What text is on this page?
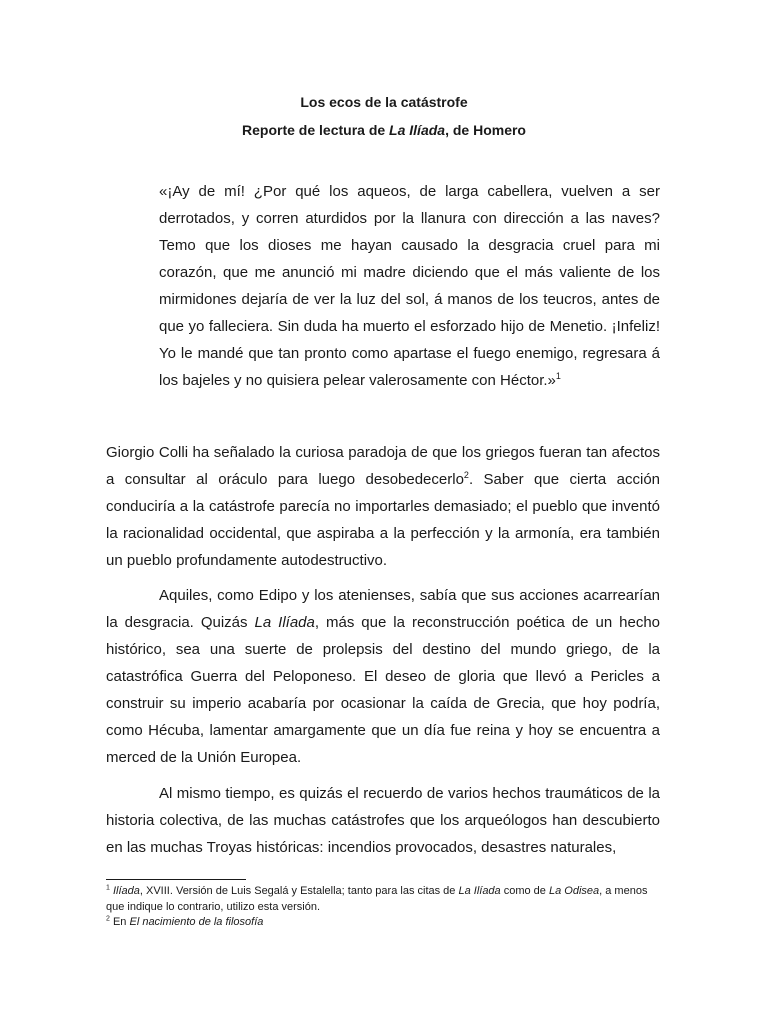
Los ecos de la catástrofe
Reporte de lectura de La Ilíada, de Homero
«¡Ay de mí! ¿Por qué los aqueos, de larga cabellera, vuelven a ser derrotados, y corren aturdidos por la llanura con dirección a las naves? Temo que los dioses me hayan causado la desgracia cruel para mi corazón, que me anunció mi madre diciendo que el más valiente de los mirmidones dejaría de ver la luz del sol, á manos de los teucros, antes de que yo falleciera. Sin duda ha muerto el esforzado hijo de Menetio. ¡Infeliz! Yo le mandé que tan pronto como apartase el fuego enemigo, regresara á los bajeles y no quisiera pelear valerosamente con Héctor.»$^1$
Giorgio Colli ha señalado la curiosa paradoja de que los griegos fueran tan afectos a consultar al oráculo para luego desobedecerlo$^2$. Saber que cierta acción conduciría a la catástrofe parecía no importarles demasiado; el pueblo que inventó la racionalidad occidental, que aspiraba a la perfección y la armonía, era también un pueblo profundamente autodestructivo.
Aquiles, como Edipo y los atenienses, sabía que sus acciones acarrearían la desgracia. Quizás La Ilíada, más que la reconstrucción poética de un hecho histórico, sea una suerte de prolepsis del destino del mundo griego, de la catastrófica Guerra del Peloponeso. El deseo de gloria que llevó a Pericles a construir su imperio acabaría por ocasionar la caída de Grecia, que hoy podría, como Hécuba, lamentar amargamente que un día fue reina y hoy se encuentra a merced de la Unión Europea.
Al mismo tiempo, es quizás el recuerdo de varios hechos traumáticos de la historia colectiva, de las muchas catástrofes que los arqueólogos han descubierto en las muchas Troyas históricas: incendios provocados, desastres naturales,
$^1$ Ilíada, XVIII. Versión de Luis Segalá y Estalella; tanto para las citas de La Ilíada como de La Odisea, a menos que indique lo contrario, utilizo esta versión.
$^2$ En El nacimiento de la filosofía
